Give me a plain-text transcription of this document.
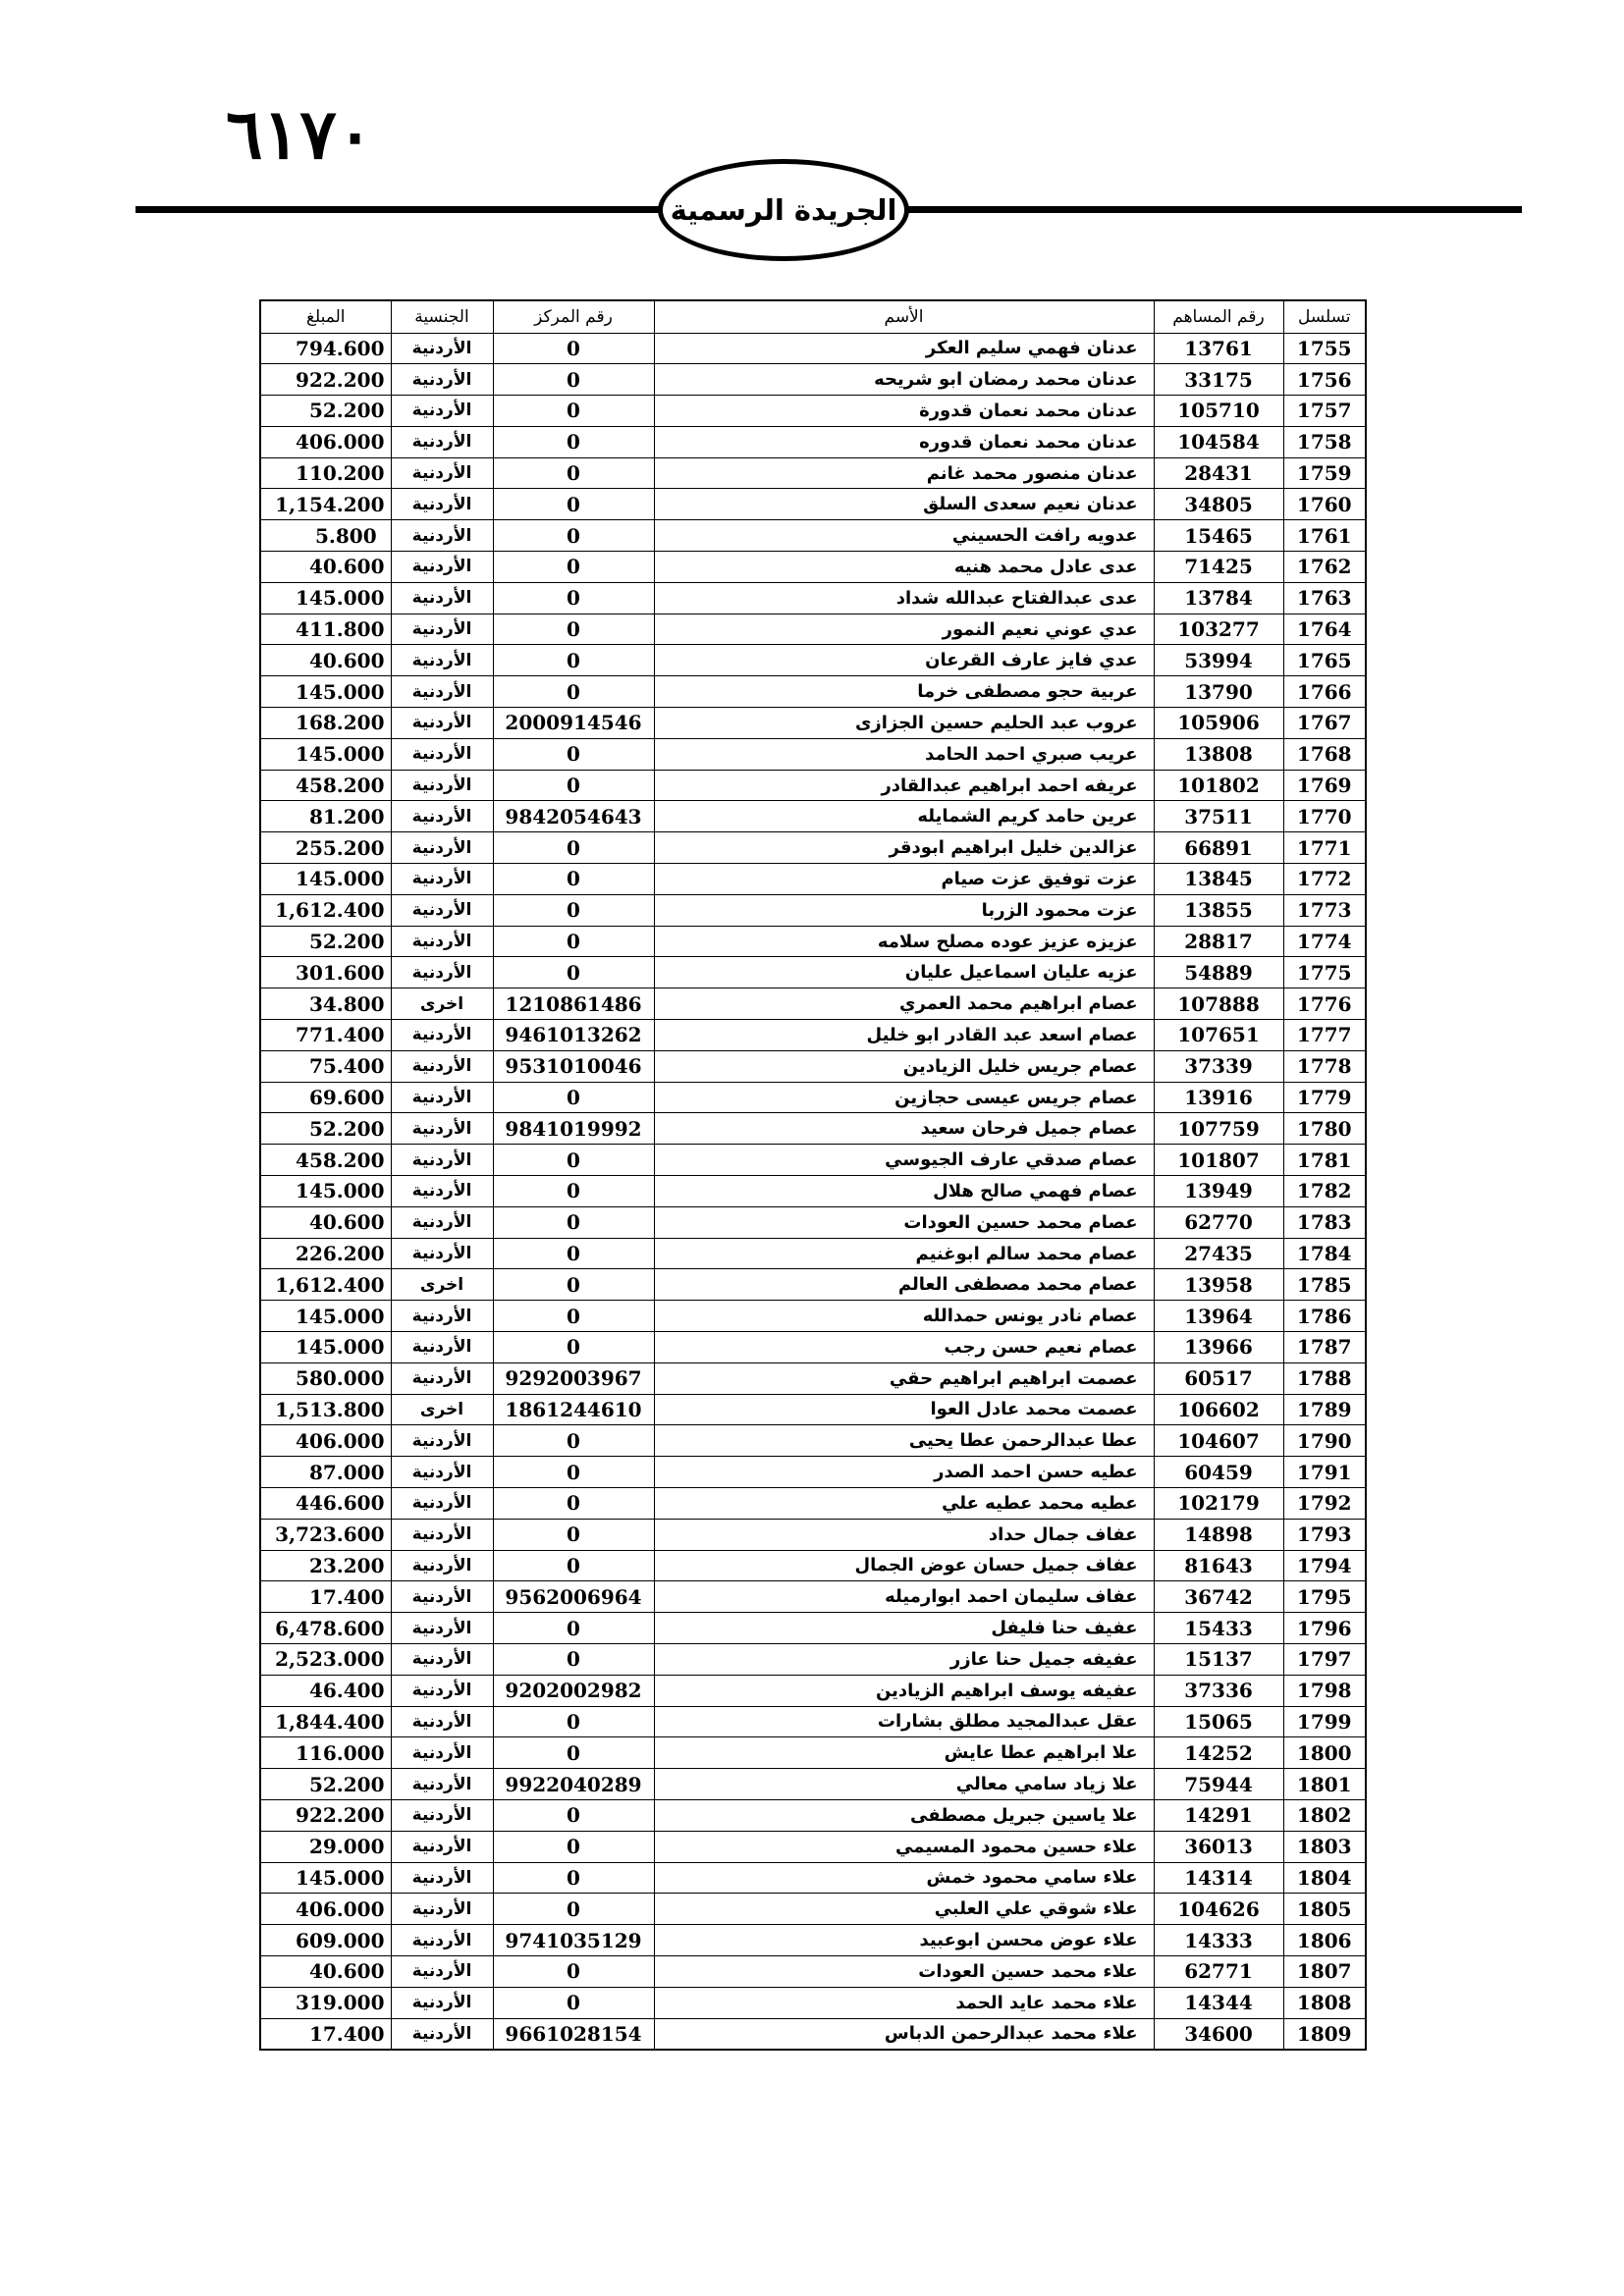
٦١٧٠
الجريدة الرسمية
تسلسل	رقم المساهم	الأسم	رقم المركز	الجنسية	المبلغ
1755	13761	عدنان فهمي سليم العكر	0	الأردنية	794.600
1756	33175	عدنان محمد رمضان ابو شريحه	0	الأردنية	922.200
1757	105710	عدنان محمد نعمان قدورة	0	الأردنية	52.200
1758	104584	عدنان محمد نعمان قدوره	0	الأردنية	406.000
1759	28431	عدنان منصور محمد غانم	0	الأردنية	110.200
1760	34805	عدنان نعيم سعدى السلق	0	الأردنية	1,154.200
1761	15465	عدويه رافت الحسيني	0	الأردنية	5.800
1762	71425	عدى عادل محمد هنيه	0	الأردنية	40.600
1763	13784	عدى عبدالفتاح عبدالله شداد	0	الأردنية	145.000
1764	103277	عدي عوني نعيم النمور	0	الأردنية	411.800
1765	53994	عدي فايز عارف القرعان	0	الأردنية	40.600
1766	13790	عربية حجو مصطفى خرما	0	الأردنية	145.000
1767	105906	عروب عبد الحليم حسين الجزازى	2000914546	الأردنية	168.200
1768	13808	عريب صبري احمد الحامد	0	الأردنية	145.000
1769	101802	عريفه احمد ابراهيم عبدالقادر	0	الأردنية	458.200
1770	37511	عرين حامد كريم الشمايله	9842054643	الأردنية	81.200
1771	66891	عزالدين خليل ابراهيم ابودقر	0	الأردنية	255.200
1772	13845	عزت توفيق عزت صيام	0	الأردنية	145.000
1773	13855	عزت محمود الزربا	0	الأردنية	1,612.400
1774	28817	عزيزه عزيز عوده مصلح سلامه	0	الأردنية	52.200
1775	54889	عزيه عليان اسماعيل عليان	0	الأردنية	301.600
1776	107888	عصام ابراهيم محمد العمري	1210861486	اخرى	34.800
1777	107651	عصام اسعد عبد القادر ابو خليل	9461013262	الأردنية	771.400
1778	37339	عصام جريس خليل الزيادين	9531010046	الأردنية	75.400
1779	13916	عصام جريس عيسى حجازين	0	الأردنية	69.600
1780	107759	عصام جميل فرحان سعيد	9841019992	الأردنية	52.200
1781	101807	عصام صدقي عارف الجيوسي	0	الأردنية	458.200
1782	13949	عصام فهمي صالح هلال	0	الأردنية	145.000
1783	62770	عصام محمد حسين العودات	0	الأردنية	40.600
1784	27435	عصام محمد سالم ابوغنيم	0	الأردنية	226.200
1785	13958	عصام محمد مصطفى العالم	0	اخرى	1,612.400
1786	13964	عصام نادر يونس حمدالله	0	الأردنية	145.000
1787	13966	عصام نعيم حسن رجب	0	الأردنية	145.000
1788	60517	عصمت ابراهيم ابراهيم حقي	9292003967	الأردنية	580.000
1789	106602	عصمت محمد عادل العوا	1861244610	اخرى	1,513.800
1790	104607	عطا عبدالرحمن عطا يحيى	0	الأردنية	406.000
1791	60459	عطيه حسن احمد الصدر	0	الأردنية	87.000
1792	102179	عطيه محمد عطيه علي	0	الأردنية	446.600
1793	14898	عفاف جمال حداد	0	الأردنية	3,723.600
1794	81643	عفاف جميل حسان عوض الجمال	0	الأردنية	23.200
1795	36742	عفاف سليمان احمد ابوارميله	9562006964	الأردنية	17.400
1796	15433	عفيف حنا فليفل	0	الأردنية	6,478.600
1797	15137	عفيفه جميل حنا عازر	0	الأردنية	2,523.000
1798	37336	عفيفه يوسف ابراهيم الزيادين	9202002982	الأردنية	46.400
1799	15065	عقل عبدالمجيد مطلق بشارات	0	الأردنية	1,844.400
1800	14252	علا ابراهيم عطا عايش	0	الأردنية	116.000
1801	75944	علا زياد سامي معالي	9922040289	الأردنية	52.200
1802	14291	علا ياسين جبريل مصطفى	0	الأردنية	922.200
1803	36013	علاء حسين محمود المسيمي	0	الأردنية	29.000
1804	14314	علاء سامي محمود خمش	0	الأردنية	145.000
1805	104626	علاء شوقي علي العلبي	0	الأردنية	406.000
1806	14333	علاء عوض محسن ابوعبيد	9741035129	الأردنية	609.000
1807	62771	علاء محمد حسين العودات	0	الأردنية	40.600
1808	14344	علاء محمد عايد الحمد	0	الأردنية	319.000
1809	34600	علاء محمد عبدالرحمن الدباس	9661028154	الأردنية	17.400
